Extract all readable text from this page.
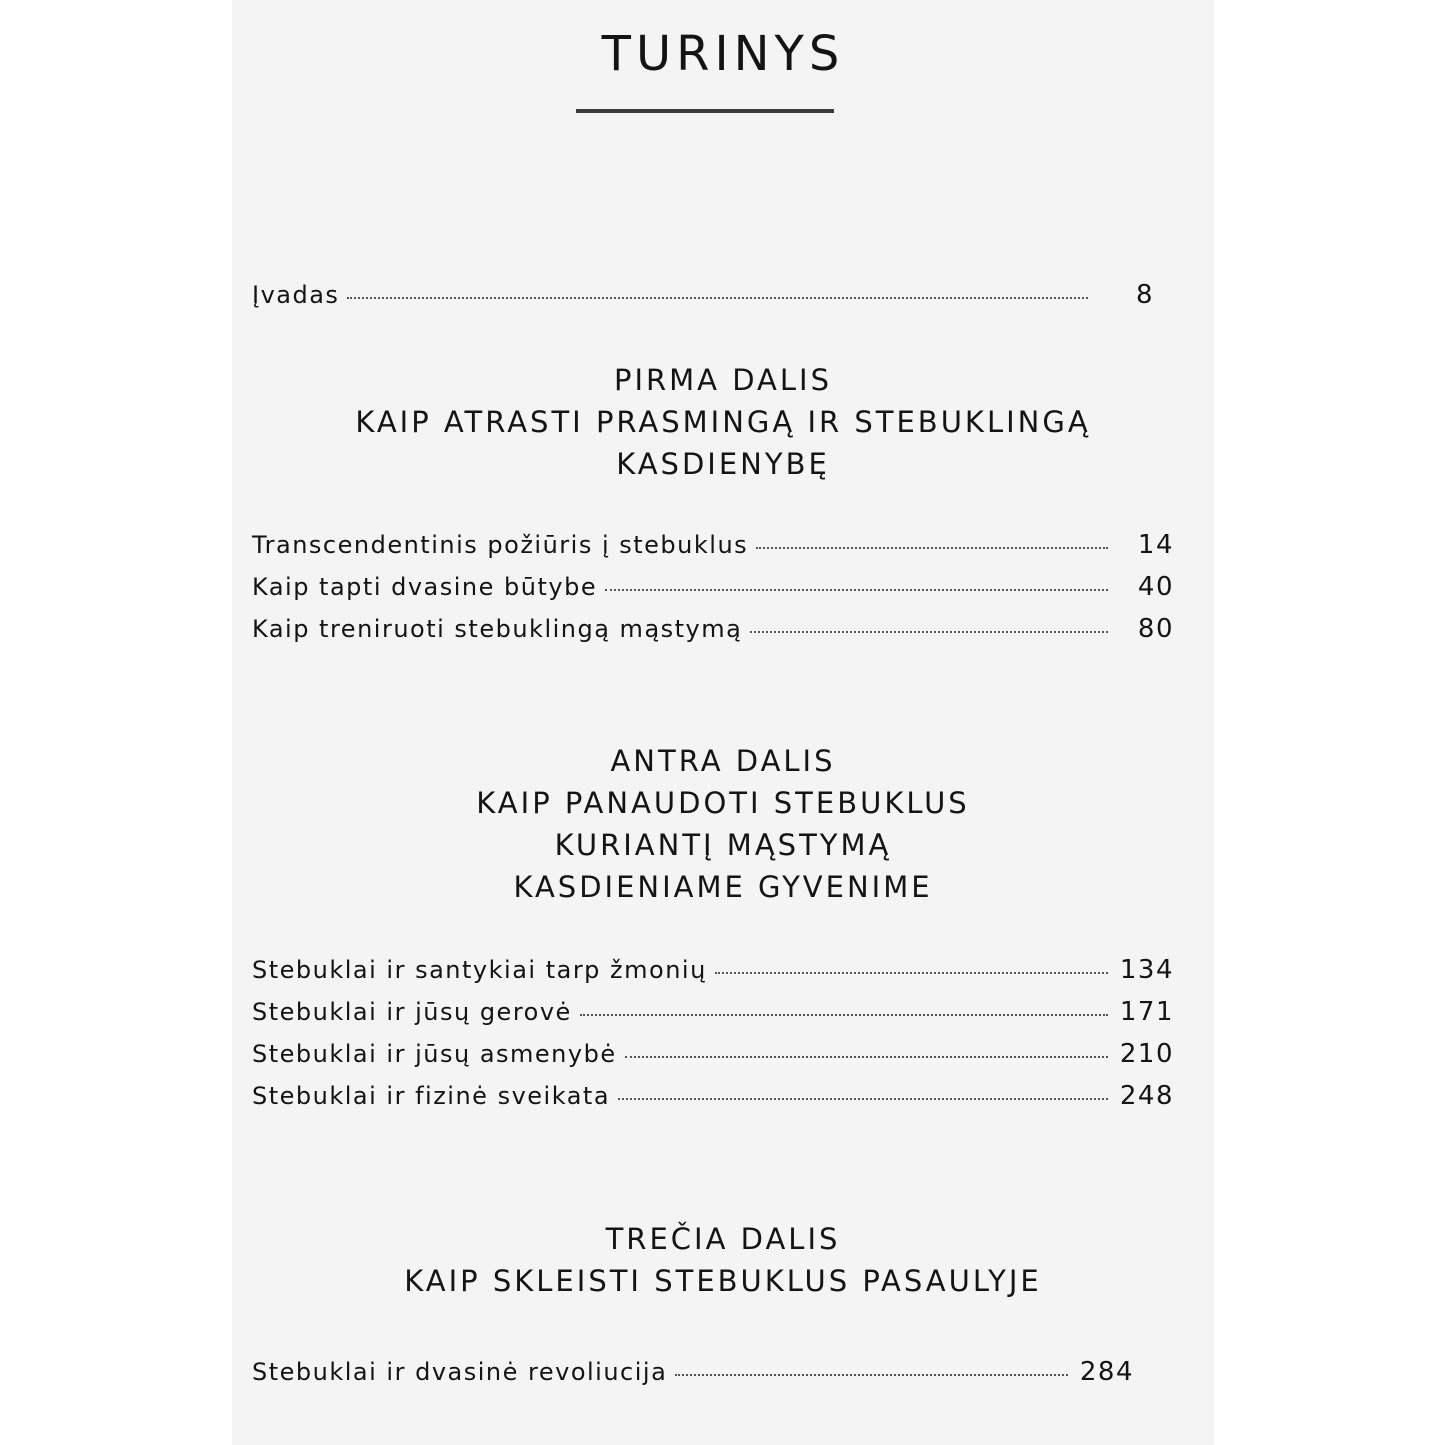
TURINYS
Įvadas	8
PIRMA DALIS
KAIP ATRASTI PRASMINGĄ IR STEBUKLINGĄ
KASDIENYBĘ
Transcendentinis požiūris į stebuklus	14
Kaip tapti dvasine būtybe	40
Kaip treniruoti stebuklingą mąstymą	80
ANTRA DALIS
KAIP PANAUDOTI STEBUKLUS
KURIANTĮ MĄSTYMĄ
KASDIENIAME GYVENIME
Stebuklai ir santykiai tarp žmonių	134
Stebuklai ir jūsų gerovė	171
Stebuklai ir jūsų asmenybė	210
Stebuklai ir fizinė sveikata	248
TREČIA DALIS
KAIP SKLEISTI STEBUKLUS PASAULYJE
Stebuklai ir dvasinė revoliucija	284
